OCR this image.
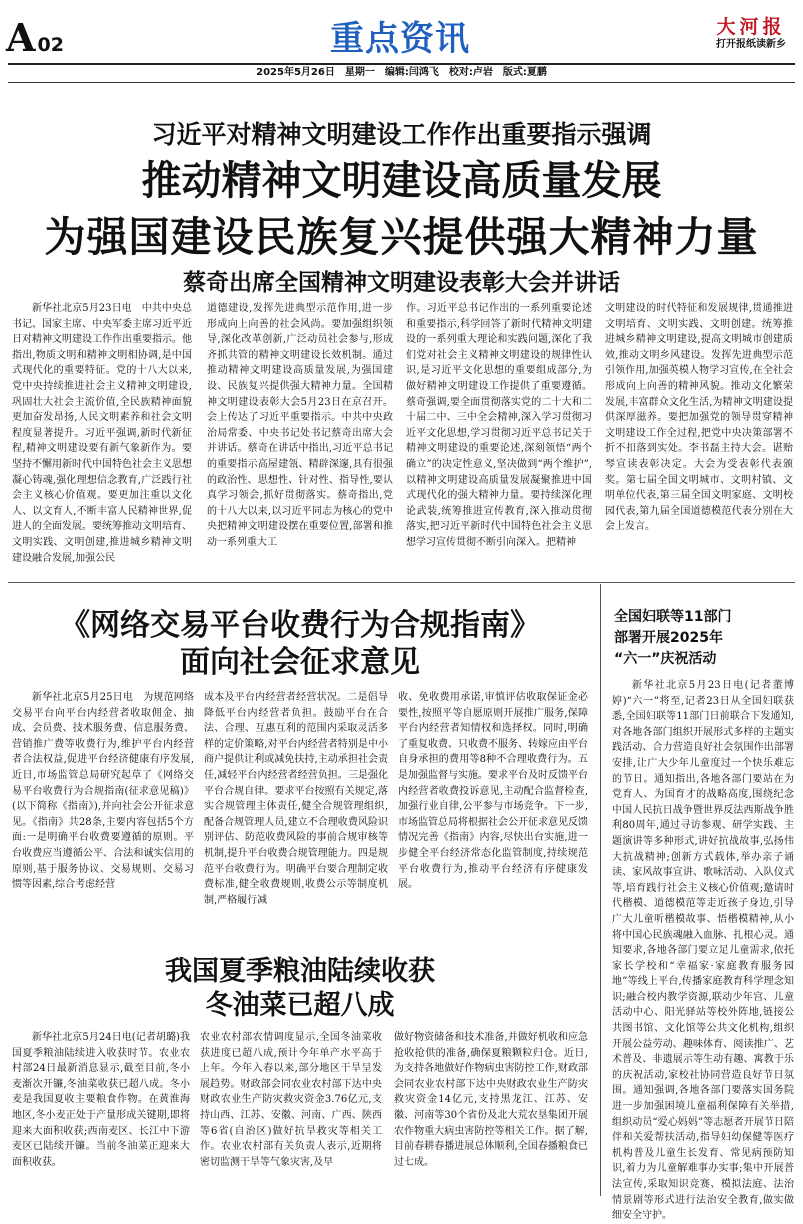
A 02	重点资讯	大河报
打开报纸读新乡
2025年5月26日　星期一　编辑:闫鸿飞　校对:卢岩　版式:夏鹏
习近平对精神文明建设工作作出重要指示强调
推动精神文明建设高质量发展
为强国建设民族复兴提供强大精神力量
蔡奇出席全国精神文明建设表彰大会并讲话

新华社北京5月23日电　中共中央总书记、国家主席、中央军委主席习近平近日对精神文明建设工作作出重要指示。他指出,物质文明和精神文明相协调,是中国式现代化的重要特征。党的十八大以来,党中央持续推进社会主义精神文明建设,巩固壮大社会主流价值,全民族精神面貌更加奋发昂扬,人民文明素养和社会文明程度显著提升。习近平强调,新时代新征程,精神文明建设要有新气象新作为。要坚持不懈用新时代中国特色社会主义思想凝心铸魂,强化理想信念教育,广泛践行社会主义核心价值观。要更加注重以文化人、以文育人,不断丰富人民精神世界,促进人的全面发展。要统筹推动文明培育、文明实践、文明创建,推进城乡精神文明建设融合发展,加强公民

道德建设,发挥先进典型示范作用,进一步形成向上向善的社会风尚。要加强组织领导,深化改革创新,广泛动员社会参与,形成齐抓共管的精神文明建设长效机制。通过推动精神文明建设高质量发展,为强国建设、民族复兴提供强大精神力量。全国精神文明建设表彰大会5月23日在京召开。会上传达了习近平重要指示。中共中央政治局常委、中央书记处书记蔡奇出席大会并讲话。蔡奇在讲话中指出,习近平总书记的重要指示高屋建瓴、精辟深邃,具有很强的政治性、思想性、针对性、指导性,要认真学习领会,抓好贯彻落实。蔡奇指出,党的十八大以来,以习近平同志为核心的党中央把精神文明建设摆在重要位置,部署和推动一系列重大工

作。习近平总书记作出的一系列重要论述和重要指示,科学回答了新时代精神文明建设的一系列重大理论和实践问题,深化了我们党对社会主义精神文明建设的规律性认识,是习近平文化思想的重要组成部分,为做好精神文明建设工作提供了重要遵循。蔡奇强调,要全面贯彻落实党的二十大和二十届二中、三中全会精神,深入学习贯彻习近平文化思想,学习贯彻习近平总书记关于精神文明建设的重要论述,深刻领悟“两个确立”的决定性意义,坚决做到“两个维护”,以精神文明建设高质量发展凝聚推进中国式现代化的强大精神力量。要持续深化理论武装,统筹推进宣传教育,深入推动贯彻落实,把习近平新时代中国特色社会主义思想学习宣传贯彻不断引向深入。把精神

文明建设的时代特征和发展规律,贯通推进文明培育、文明实践、文明创建。统筹推进城乡精神文明建设,提高文明城市创建质效,推动文明乡风建设。发挥先进典型示范引领作用,加强英模人物学习宣传,在全社会形成向上向善的精神风貌。推动文化繁荣发展,丰富群众文化生活,为精神文明建设提供深厚滋养。要把加强党的领导贯穿精神文明建设工作全过程,把党中央决策部署不折不扣落到实处。李书磊主持大会。谌贻琴宣读表彰决定。大会为受表彰代表颁奖。第七届全国文明城市、文明村镇、文明单位代表,第三届全国文明家庭、文明校园代表,第九届全国道德模范代表分别在大会上发言。

《网络交易平台收费行为合规指南》
面向社会征求意见

新华社北京5月25日电　为规范网络交易平台向平台内经营者收取佣金、抽成、会员费、技术服务费、信息服务费、营销推广费等收费行为,维护平台内经营者合法权益,促进平台经济健康有序发展,近日,市场监管总局研究起草了《网络交易平台收费行为合规指南(征求意见稿)》(以下简称《指南》),并向社会公开征求意见。《指南》共28条,主要内容包括5个方面:一是明确平台收费要遵循的原则。平台收费应当遵循公平、合法和诚实信用的原则,基于服务协议、交易规则、交易习惯等因素,综合考虑经营

成本及平台内经营者经营状况。二是倡导降低平台内经营者负担。鼓励平台在合法、合理、互惠互利的范围内采取灵活多样的定价策略,对平台内经营者特别是中小商户提供让利或减免扶持,主动承担社会责任,减轻平台内经营者经营负担。三是强化平台合规自律。要求平台按照有关规定,落实合规管理主体责任,健全合规管理组织,配备合规管理人员,建立不合理收费风险识别评估、防范收费风险的事前合规审核等机制,提升平台收费合规管理能力。四是规范平台收费行为。明确平台要合理制定收费标准,健全收费规则,收费公示等制度机制,严格履行减

收、免收费用承诺,审慎评估收取保证金必要性,按照平等自愿原则开展推广服务,保障平台内经营者知情权和选择权。同时,明确了重复收费、只收费不服务、转嫁应由平台自身承担的费用等8种不合理收费行为。五是加强监督与实施。要求平台及时反馈平台内经营者收费投诉意见,主动配合监督检查,加强行业自律,公平参与市场竞争。下一步,市场监管总局将根据社会公开征求意见反馈情况完善《指南》内容,尽快出台实施,进一步健全平台经济常态化监管制度,持续规范平台收费行为,推动平台经济有序健康发展。

我国夏季粮油陆续收获
冬油菜已超八成

新华社北京5月24日电(记者胡璐)我国夏季粮油陆续进入收获时节。农业农村部24日最新消息显示,截至目前,冬小麦渐次开镰,冬油菜收获已超八成。冬小麦是我国夏收主要粮食作物。在黄淮海地区,冬小麦正处于产量形成关键期,即将迎来大面积收获;西南麦区、长江中下游麦区已陆续开镰。当前冬油菜正迎来大面积收获。

农业农村部农情调度显示,全国冬油菜收获进度已超八成,预计今年单产水平高于上年。今年入春以来,部分地区干旱呈发展趋势。财政部会同农业农村部下达中央财政农业生产防灾救灾资金3.76亿元,支持山西、江苏、安徽、河南、广西、陕西等6省(自治区)做好抗旱救灾等相关工作。农业农村部有关负责人表示,近期将密切监测干旱等气象灾害,及早

做好物资储备和技术准备,并做好机收和应急抢收抢供的准备,确保夏粮颗粒归仓。近日,为支持各地做好作物病虫害防控工作,财政部会同农业农村部下达中央财政农业生产防灾救灾资金14亿元,支持黑龙江、江苏、安徽、河南等30个省份及北大荒农垦集团开展农作物重大病虫害防控等相关工作。据了解,目前春耕春播进展总体顺利,全国春播粮食已过七成。

全国妇联等11部门
部署开展2025年
“六一”庆祝活动

新华社北京5月23日电(记者董博婷)“六一”将至,记者23日从全国妇联获悉,全国妇联等11部门日前联合下发通知,对各地各部门组织开展形式多样的主题实践活动、合力营造良好社会氛围作出部署安排,让广大少年儿童度过一个快乐难忘的节日。通知指出,各地各部门要站在为党育人、为国育才的战略高度,围绕纪念中国人民抗日战争暨世界反法西斯战争胜利80周年,通过寻访参观、研学实践、主题演讲等多种形式,讲好抗战故事,弘扬伟大抗战精神;创新方式载体,举办亲子诵读、家风故事宣讲、歌咏活动、入队仪式等,培育践行社会主义核心价值观;邀请时代楷模、道德模范等走近孩子身边,引导广大儿童听楷模故事、悟楷模精神,从小将中国心民族魂融入血脉、扎根心灵。通知要求,各地各部门要立足儿童需求,依托家长学校和“幸福家·家庭教育服务园地”等线上平台,传播家庭教育科学理念知识;融合校内教学资源,联动少年宫、儿童活动中心、阳光驿站等校外阵地,链接公共图书馆、文化馆等公共文化机构,组织开展公益劳动、趣味体育、阅读推广、艺术普及、非遗展示等生动有趣、寓教于乐的庆祝活动,家校社协同营造良好节日氛围。通知强调,各地各部门要落实国务院进一步加强困境儿童福利保障有关举措,组织动员“爱心妈妈”等志愿者开展节日陪伴和关爱帮扶活动,指导妇幼保健等医疗机构普及儿童生长发育、常见病预防知识,着力为儿童解难事办实事;集中开展普法宣传,采取知识竞赛、模拟法庭、法治情景剧等形式进行法治安全教育,做实做细安全守护。
